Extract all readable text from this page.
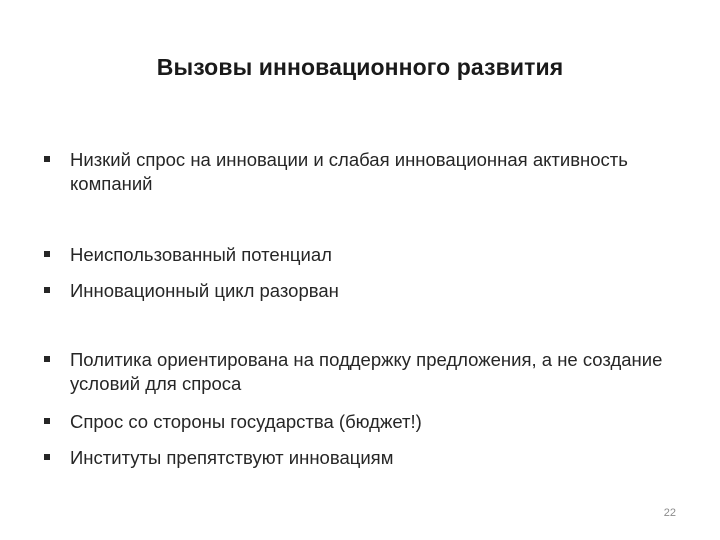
Вызовы инновационного развития
Низкий спрос на инновации и слабая инновационная активность компаний
Неиспользованный потенциал
Инновационный цикл разорван
Политика ориентирована на поддержку предложения, а не создание условий для спроса
Спрос со стороны государства (бюджет!)
Институты препятствуют инновациям
22
